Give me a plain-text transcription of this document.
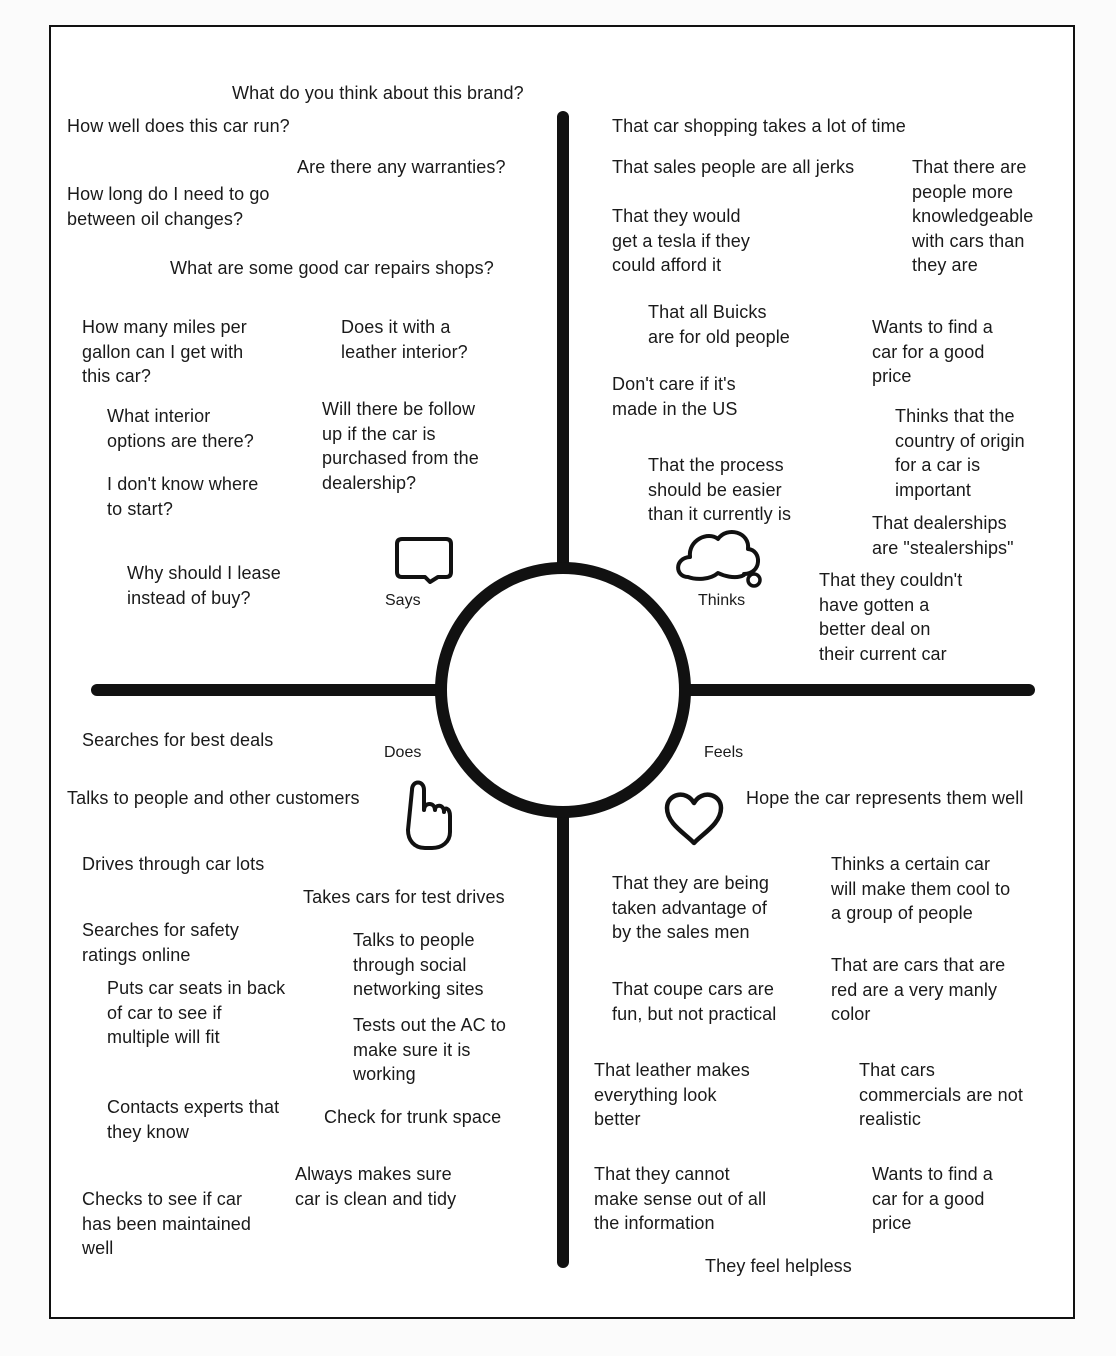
Says	Thinks
Does	Feels
What do you think about this brand?
How well does this car run?
Are there any warranties?
How long do I need to go
between oil changes?
What are some good car repairs shops?
How many miles per
gallon can I get with
this car?
Does it with a
leather interior?
What interior
options are there?
Will there be follow
up if the car is
purchased from the
dealership?
I don't know where
to start?
Why should I lease
instead of buy?
That car shopping takes a lot of time
That sales people are all jerks	That there are
people more
knowledgeable
with cars than
they are
That they would
get a tesla if they
could afford it
That all Buicks
are for old people	Wants to find a
car for a good
price
Don't care if it's
made in the US	Thinks that the
country of origin
for a car is
important
That the process
should be easier
than it currently is	That dealerships
are "stealerships"
That they couldn't
have gotten a
better deal on
their current car
Searches for best deals
Talks to people and other customers
Drives through car lots
Takes cars for test drives
Searches for safety
ratings online
Talks to people
through social
networking sites
Puts car seats in back
of car to see if
multiple will fit
Tests out the AC to
make sure it is
working
Contacts experts that
they know
Check for trunk space
Always makes sure
car is clean and tidy
Checks to see if car
has been maintained
well
Hope the car represents them well
Thinks a certain car
will make them cool to
a group of people
That they are being
taken advantage of
by the sales men
That are cars that are
red are a very manly
color
That coupe cars are
fun, but not practical
That leather makes
everything look
better
That cars
commercials are not
realistic
That they cannot
make sense out of all
the information
Wants to find a
car for a good
price
They feel helpless
